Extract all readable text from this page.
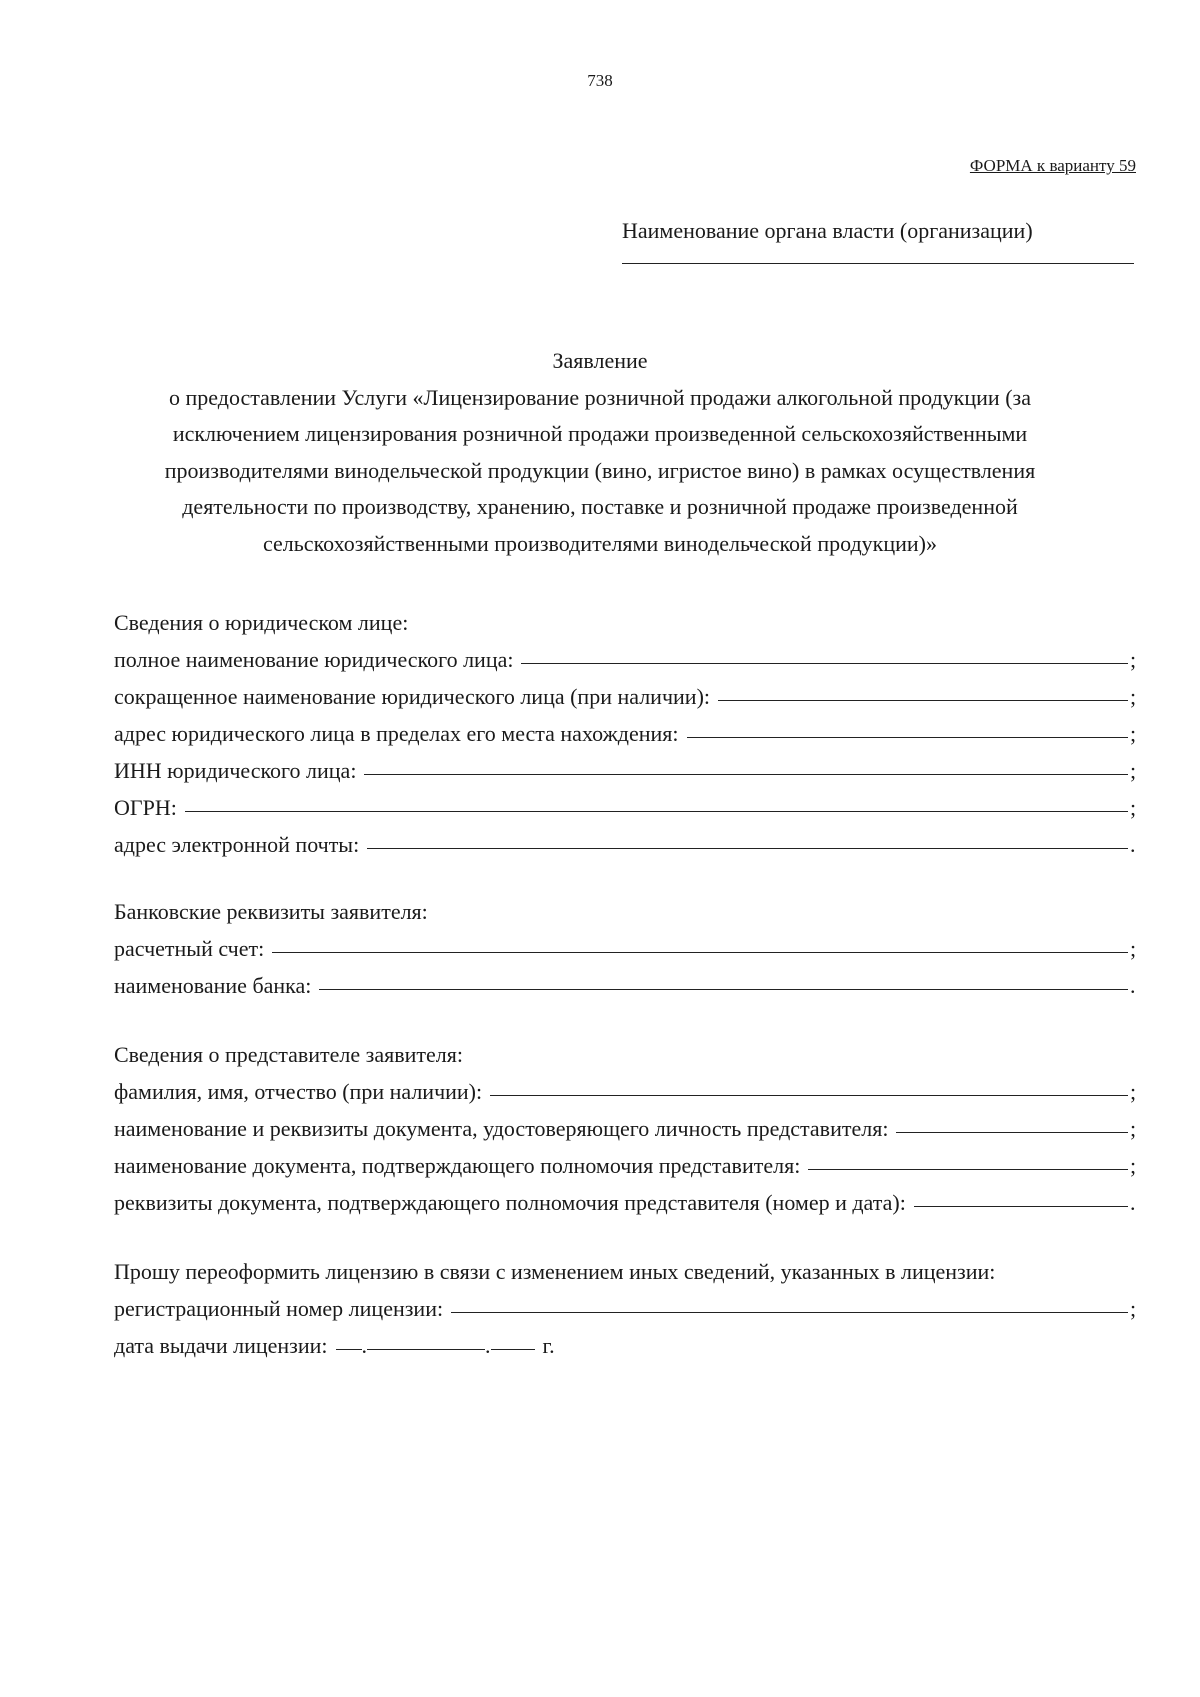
738
ФОРМА к варианту 59
Наименование органа власти (организации)
Заявление
о предоставлении Услуги «Лицензирование розничной продажи алкогольной продукции (за
исключением лицензирования розничной продажи произведенной сельскохозяйственными
производителями винодельческой продукции (вино, игристое вино) в рамках осуществления
деятельности по производству, хранению, поставке и розничной продаже произведенной
сельскохозяйственными производителями винодельческой продукции)»
Сведения о юридическом лице:
полное наименование юридического лица:	;
сокращенное наименование юридического лица (при наличии):	;
адрес юридического лица в пределах его места нахождения:	;
ИНН юридического лица:	;
ОГРН:	;
адрес электронной почты:	.
Банковские реквизиты заявителя:
расчетный счет:	;
наименование банка:	.
Сведения о представителе заявителя:
фамилия, имя, отчество (при наличии):	;
наименование и реквизиты документа, удостоверяющего личность представителя:	;
наименование документа, подтверждающего полномочия представителя:	;
реквизиты документа, подтверждающего полномочия представителя (номер и дата):	.
Прошу переоформить лицензию в связи с изменением иных сведений, указанных в лицензии:
регистрационный номер лицензии:	;
дата выдачи лицензии: .	. г.
